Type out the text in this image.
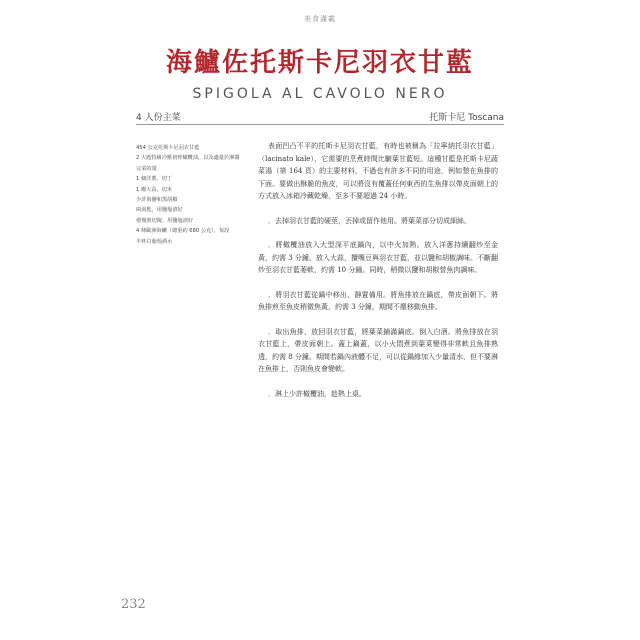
美食滿載
海鱸佐托斯卡尼羽衣甘藍
SPIGOLA AL CAVOLO NERO
4 人份主菜	托斯卡尼 Toscana
454 公克托斯卡尼羽衣甘藍
2 大匙特級冷壓初榨橄欖油，以及適量於淋醬完菜的量
1 個洋蔥，切丁
1 瓣大蒜，切末
少許海鹽和黑胡椒
兩湯匙，用鹽塩漬好
煨慢煎切塊，用鹽塩漬好
4 條歐洲海鱸（總重約 680 公克），每段
半杯白葡萄酒水

表面凹凸不平的托斯卡尼羽衣甘藍，有時也被稱為「拉寧納托羽衣甘藍」（lacinato kale），它需要的烹煮時間比皺葉甘藍短。這種甘藍是托斯卡尼蔬菜湯（第 164 頁）的主要材料，不過也有許多不同的用途，例如墊在魚排的下面。要做出酥脆的魚皮，可以將沒有覆蓋任何東西的生魚排以帶皮面朝上的方式放入冰箱冷藏乾燥，至多不要超過 24 小時。

．去掉羽衣甘藍的硬莖，丟掉或留作他用。將葉菜部分切成細絲。

．將橄欖油放入大型深平底鍋內，以中火加熱。放入洋蔥持續翻炒至金黃，約需 3 分鐘。放入大蒜，攪嘴豆與羽衣甘藍，並以鹽和胡椒調味。不斷翻炒至羽衣甘藍萎軟，約需 10 分鐘。同時，稍微以鹽和胡椒替魚肉調味。

．將羽衣甘藍從鍋中移出，靜置備用。將魚排放在鍋底，帶皮面朝下。將魚排煎至魚皮稍微焦黃，約需 3 分鐘，期間不塵移動魚排。

．取出魚排，放回羽衣甘藍，將葉菜鋪滿鍋底。倒入白酒。將魚排放在羽衣甘藍上，帶皮面朝上。蓋上鍋蓋，以小火悶煮到葉菜變得非常軟且魚排熟透，約需 8 分鐘。期間若鍋內液體不足，可以從鍋緣加入少量清水，但不要淋在魚排上，否則魚皮會變軟。

．淋上少許橄欖油，趁熱上桌。

232
